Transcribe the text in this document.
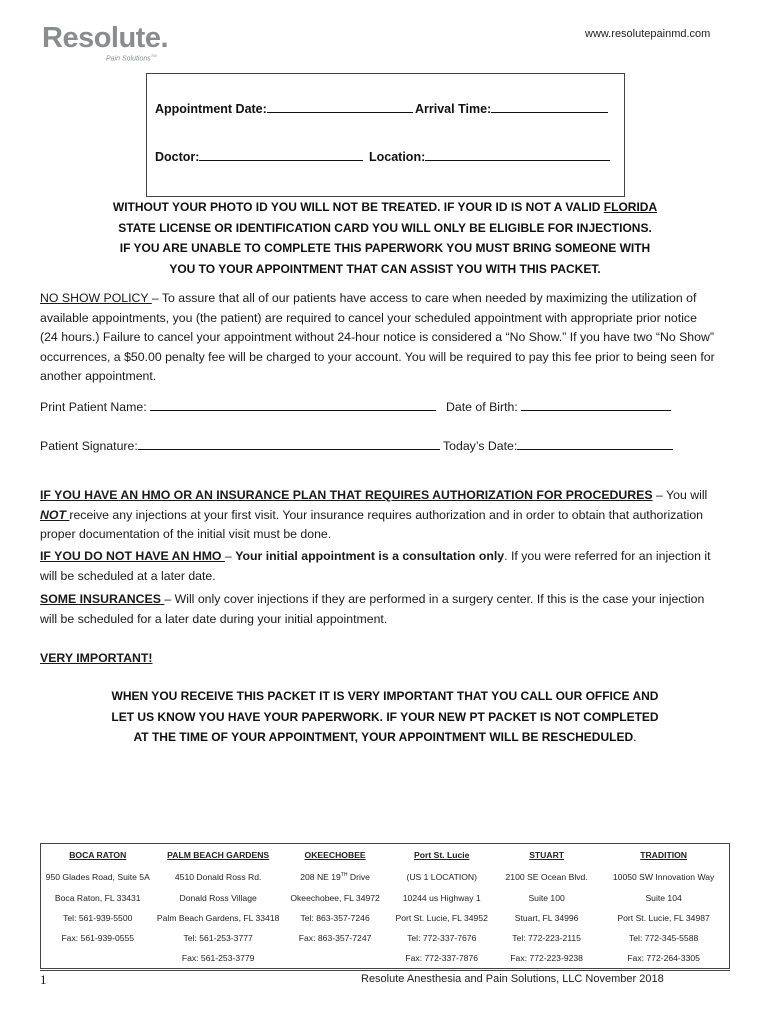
Resolute.
Pain Solutions™
www.resolutepainmd.com
Appointment Date:	Arrival Time:
Doctor:	Location:
WITHOUT YOUR PHOTO ID YOU WILL NOT BE TREATED. IF YOUR ID IS NOT A VALID FLORIDA
STATE LICENSE OR IDENTIFICATION CARD YOU WILL ONLY BE ELIGIBLE FOR INJECTIONS.
IF YOU ARE UNABLE TO COMPLETE THIS PAPERWORK YOU MUST BRING SOMEONE WITH
YOU TO YOUR APPOINTMENT THAT CAN ASSIST YOU WITH THIS PACKET.
NO SHOW POLICY – To assure that all of our patients have access to care when needed by maximizing the utilization of available appointments, you (the patient) are required to cancel your scheduled appointment with appropriate prior notice (24 hours.) Failure to cancel your appointment without 24-hour notice is considered a “No Show.” If you have two “No Show” occurrences, a $50.00 penalty fee will be charged to your account. You will be required to pay this fee prior to being seen for another appointment.
Print Patient Name:	Date of Birth:
Patient Signature:	Today’s Date:
IF YOU HAVE AN HMO OR AN INSURANCE PLAN THAT REQUIRES AUTHORIZATION FOR PROCEDURES – You will NOT receive any injections at your first visit. Your insurance requires authorization and in order to obtain that authorization proper documentation of the initial visit must be done.
IF YOU DO NOT HAVE AN HMO – Your initial appointment is a consultation only. If you were referred for an injection it will be scheduled at a later date.
SOME INSURANCES – Will only cover injections if they are performed in a surgery center. If this is the case your injection will be scheduled for a later date during your initial appointment.
VERY IMPORTANT!
WHEN YOU RECEIVE THIS PACKET IT IS VERY IMPORTANT THAT YOU CALL OUR OFFICE AND
LET US KNOW YOU HAVE YOUR PAPERWORK. IF YOUR NEW PT PACKET IS NOT COMPLETED
AT THE TIME OF YOUR APPOINTMENT, YOUR APPOINTMENT WILL BE RESCHEDULED.
BOCA RATON	PALM BEACH GARDENS	OKEECHOBEE	Port St. Lucie	STUART	TRADITION
950 Glades Road, Suite 5A	4510 Donald Ross Rd.	208 NE 19TH Drive	(US 1 LOCATION)	2100 SE Ocean Blvd.	10050 SW Innovation Way
Boca Raton, FL 33431	Donald Ross Village	Okeechobee, FL 34972	10244 us Highway 1	Suite 100	Suite 104
Tel: 561-939-5500	Palm Beach Gardens, FL 33418	Tel: 863-357-7246	Port St. Lucie, FL 34952	Stuart, FL 34996	Port St. Lucie, FL 34987
Fax: 561-939-0555	Tel: 561-253-3777	Fax: 863-357-7247	Tel: 772-337-7676	Tel: 772-223-2115	Tel: 772-345-5588
	Fax: 561-253-3779		Fax: 772-337-7876	Fax: 772-223-9238	Fax: 772-264-3305
1	Resolute Anesthesia and Pain Solutions, LLC November 2018
